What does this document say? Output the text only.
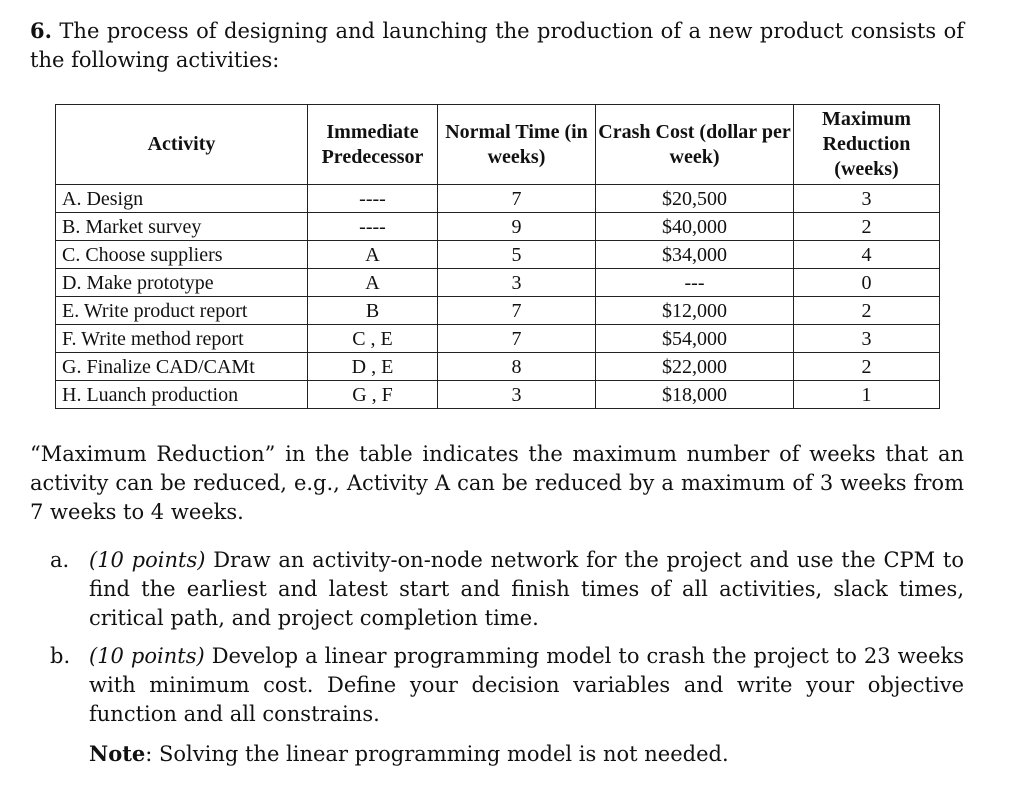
6. The process of designing and launching the production of a new product consists of the following activities:

Activity	Immediate Predecessor	Normal Time (in weeks)	Crash Cost (dollar per week)	Maximum Reduction (weeks)
A. Design	----	7	$20,500	3
B. Market survey	----	9	$40,000	2
C. Choose suppliers	A	5	$34,000	4
D. Make prototype	A	3	---	0
E. Write product report	B	7	$12,000	2
F. Write method report	C , E	7	$54,000	3
G. Finalize CAD/CAMt	D , E	8	$22,000	2
H. Luanch production	G , F	3	$18,000	1

“Maximum Reduction” in the table indicates the maximum number of weeks that an activity can be reduced, e.g., Activity A can be reduced by a maximum of 3 weeks from 7 weeks to 4 weeks.

a. (10 points) Draw an activity-on-node network for the project and use the CPM to find the earliest and latest start and finish times of all activities, slack times, critical path, and project completion time.
b. (10 points) Develop a linear programming model to crash the project to 23 weeks with minimum cost. Define your decision variables and write your objective function and all constrains.
Note: Solving the linear programming model is not needed.
